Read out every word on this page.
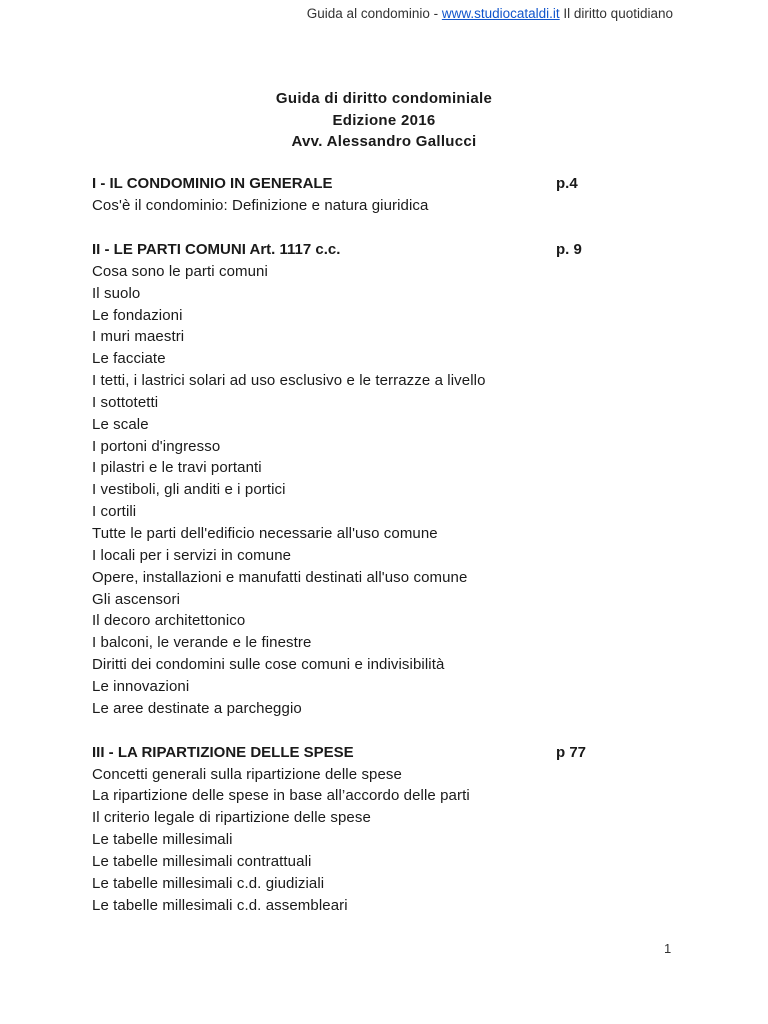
Guida al condominio - www.studiocataldi.it Il diritto quotidiano
Guida di diritto condominiale
Edizione 2016
Avv. Alessandro Gallucci
I - IL CONDOMINIO IN GENERALE	p.4
Cos'è il condominio: Definizione e natura giuridica
II - LE PARTI COMUNI Art. 1117 c.c.	p. 9
Cosa sono le parti comuni
Il suolo
Le fondazioni
I muri maestri
Le facciate
I tetti, i lastrici solari ad uso esclusivo e le terrazze a livello
I sottotetti
Le scale
I portoni d'ingresso
I pilastri e le travi portanti
I vestiboli, gli anditi e i portici
I cortili
Tutte le parti dell'edificio necessarie all'uso comune
I locali per i servizi in comune
Opere, installazioni e manufatti destinati all'uso comune
Gli ascensori
Il decoro architettonico
I balconi, le verande e le finestre
Diritti dei condomini sulle cose comuni e indivisibilità
Le innovazioni
Le aree destinate a parcheggio
III - LA RIPARTIZIONE DELLE SPESE	p 77
Concetti generali sulla ripartizione delle spese
La ripartizione delle spese in base all’accordo delle parti
Il criterio legale di ripartizione delle spese
Le tabelle millesimali
Le tabelle millesimali contrattuali
Le tabelle millesimali c.d. giudiziali
Le tabelle millesimali c.d. assembleari
1
